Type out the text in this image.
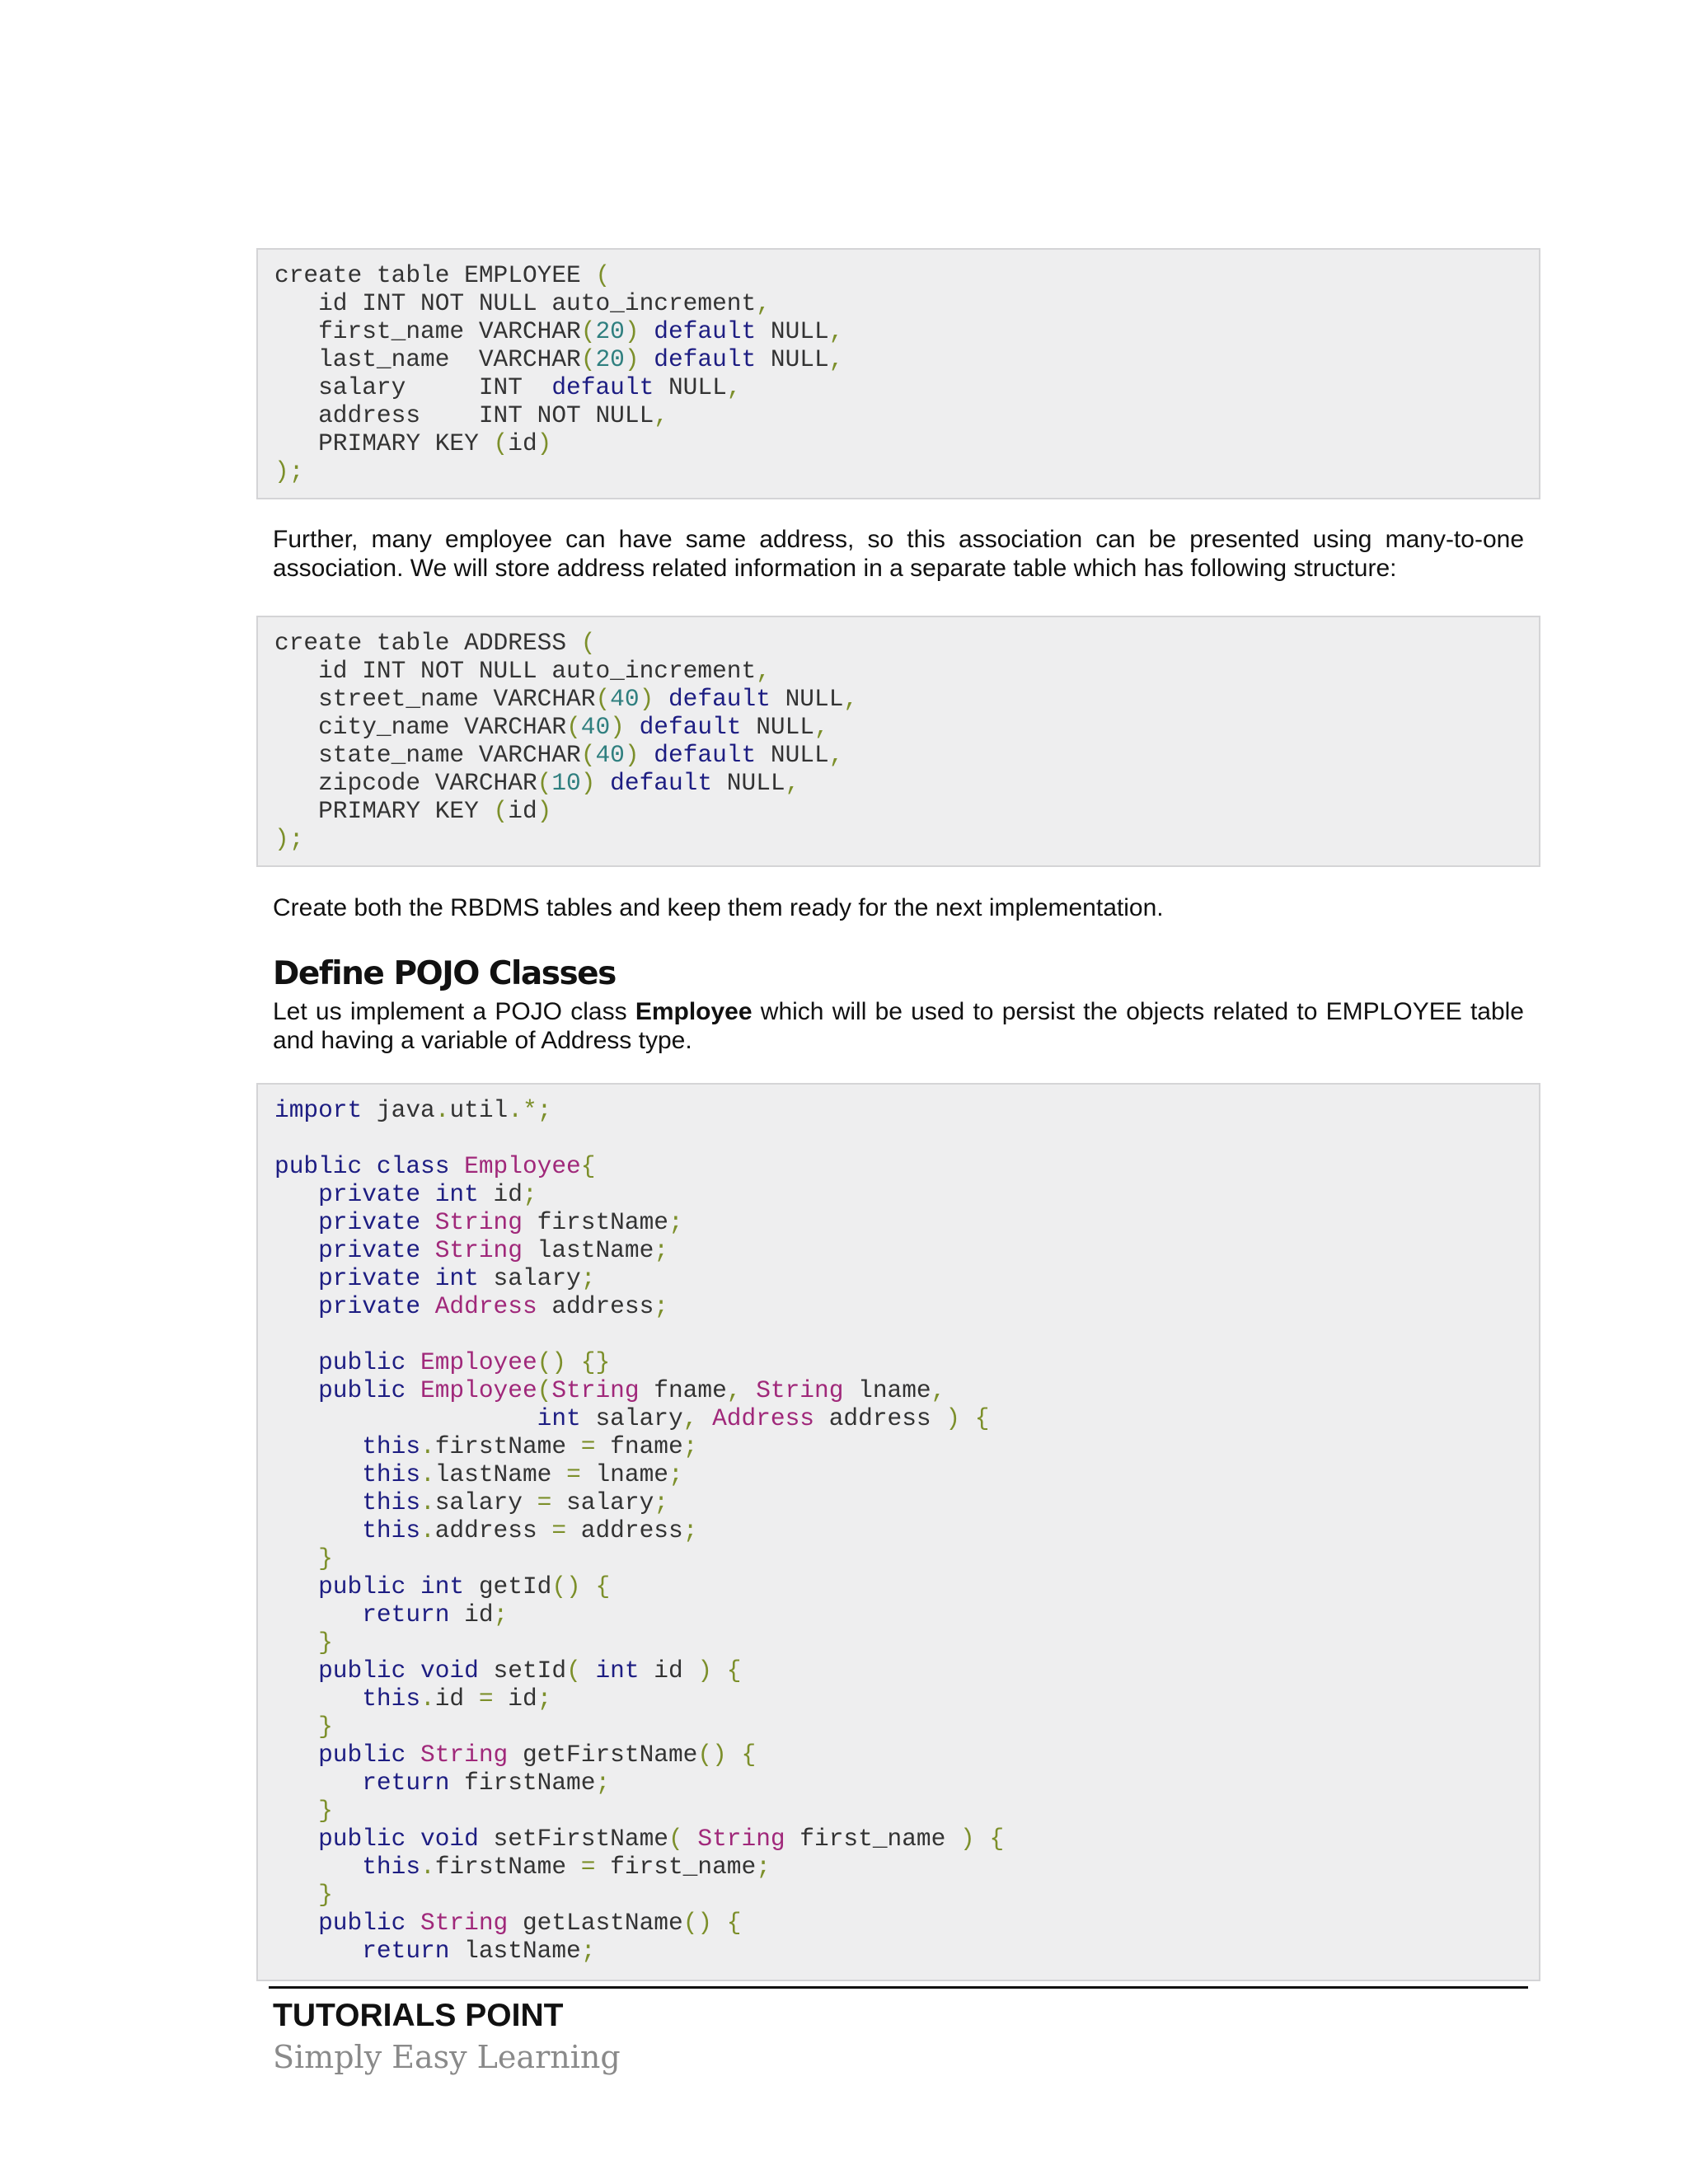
create table EMPLOYEE (
id INT NOT NULL auto_increment,
first_name VARCHAR(20) default NULL,
last_name  VARCHAR(20) default NULL,
salary     INT  default NULL,
address    INT NOT NULL,
PRIMARY KEY (id)
);
Further, many employee can have same address, so this association can be presented using many-to-one association. We will store address related information in a separate table which has following structure:
create table ADDRESS (
id INT NOT NULL auto_increment,
street_name VARCHAR(40) default NULL,
city_name VARCHAR(40) default NULL,
state_name VARCHAR(40) default NULL,
zipcode VARCHAR(10) default NULL,
PRIMARY KEY (id)
);
Create both the RBDMS tables and keep them ready for the next implementation.
Define POJO Classes
Let us implement a POJO class Employee which will be used to persist the objects related to EMPLOYEE table and having a variable of Address type.
import java.util.*;
public class Employee{
private int id;
private String firstName;
private String lastName;
private int salary;
private Address address;
public Employee() {}
public Employee(String fname, String lname,
int salary, Address address ) {
this.firstName = fname;
this.lastName = lname;
this.salary = salary;
this.address = address;
}
public int getId() {
return id;
}
public void setId( int id ) {
this.id = id;
}
public String getFirstName() {
return firstName;
}
public void setFirstName( String first_name ) {
this.firstName = first_name;
}
public String getLastName() {
return lastName;
TUTORIALS POINT
Simply Easy Learning
